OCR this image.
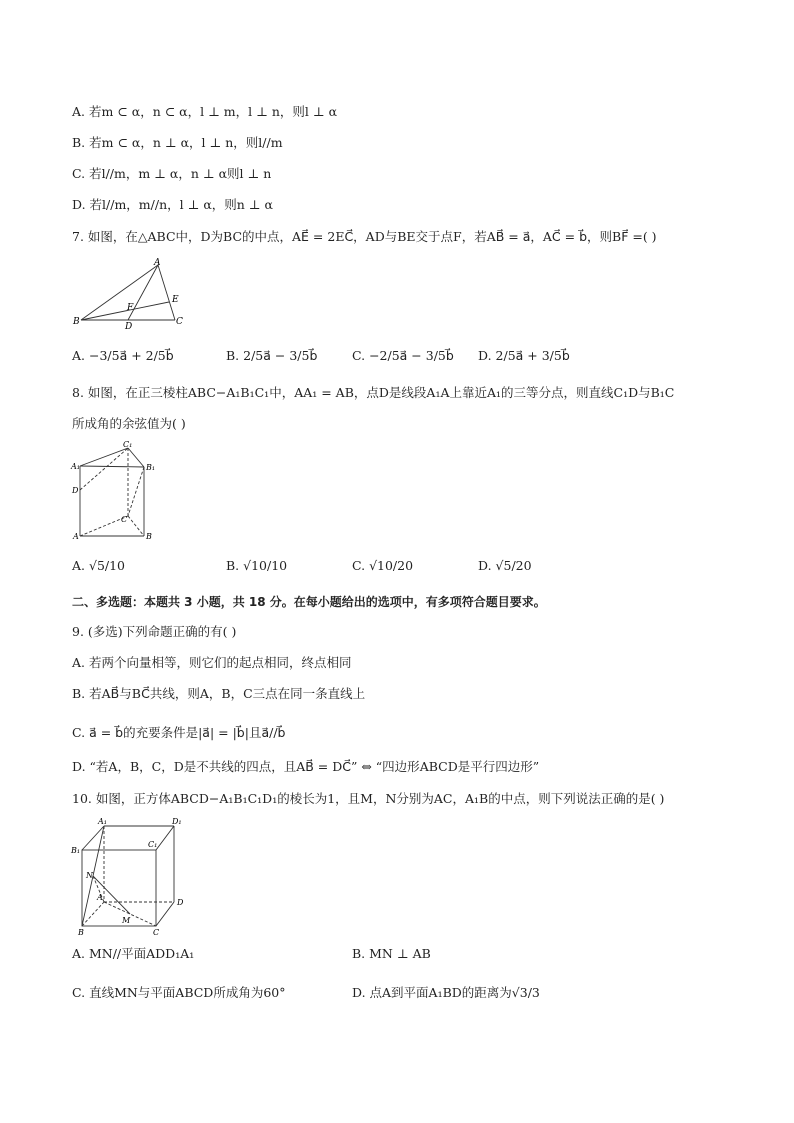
A. 若m ⊂ α，n ⊂ α，l ⊥ m，l ⊥ n，则l ⊥ α
B. 若m ⊂ α，n ⊥ α，l ⊥ n，则l//m
C. 若l//m，m ⊥ α，n ⊥ α则l ⊥ n
D. 若l//m，m//n，l ⊥ α，则n ⊥ α
7. 如图，在△ABC中，D为BC的中点，AE⃗ = 2EC⃗，AD与BE交于点F，若AB⃗ = a⃗，AC⃗ = b⃗，则BF⃗ =( )
A
B	C
D
E
F
A. −3/5a⃗ + 2/5b⃗	B. 2/5a⃗ − 3/5b⃗	C. −2/5a⃗ − 3/5b⃗ D. 2/5a⃗ + 3/5b⃗
8. 如图，在正三棱柱ABC−A₁B₁C₁中，AA₁ = AB，点D是线段A₁A上靠近A₁的三等分点，则直线C₁D与B₁C
所成角的余弦值为( )
C₁
A₁	B₁
D
C
A	B
A. √5/10	B. √10/10	C. √10/20	D. √5/20
二、多选题：本题共 3 小题，共 18 分。在每小题给出的选项中，有多项符合题目要求。
9. (多选)下列命题正确的有( )
A. 若两个向量相等，则它们的起点相同，终点相同
B. 若AB⃗与BC⃗共线，则A，B，C三点在同一条直线上
C. a⃗ = b⃗的充要条件是|a⃗| = |b⃗|且a⃗//b⃗
D. “若A，B，C，D是不共线的四点，且AB⃗ = DC⃗” ⇔ “四边形ABCD是平行四边形”
10. 如图，正方体ABCD−A₁B₁C₁D₁的棱长为1，且M，N分别为AC，A₁B的中点，则下列说法正确的是( )
A₁	D₁
B₁
C₁
N
A
M
B	C
D
A. MN//平面ADD₁A₁	B. MN ⊥ AB
C. 直线MN与平面ABCD所成角为60°	D. 点A到平面A₁BD的距离为√3/3
